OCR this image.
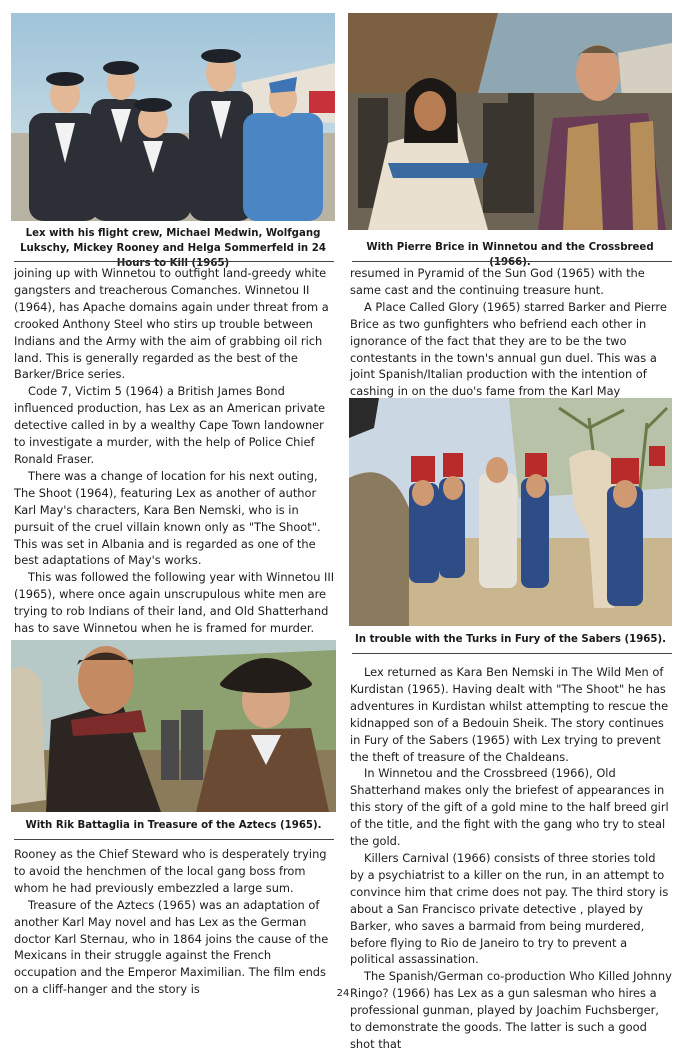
Lex with his flight crew, Michael Medwin, Wolfgang Lukschy, Mickey Rooney and Helga Sommerfeld in 24 Hours to Kill (1965)
With Pierre Brice in Winnetou and the Crossbreed (1966).

joining up with Winnetou to outfight land-greedy white gangsters and treacherous Comanches. Winnetou II (1964), has Apache domains again under threat from a crooked Anthony Steel who stirs up trouble between Indians and the Army with the aim of grabbing oil rich land. This is generally regarded as the best of the Barker/Brice series.

Code 7, Victim 5 (1964) a British James Bond influenced production, has Lex as an American private detective called in by a wealthy Cape Town landowner to investigate a murder, with the help of Police Chief Ronald Fraser.

There was a change of location for his next outing, The Shoot (1964), featuring Lex as another of author Karl May's characters, Kara Ben Nemski, who is in pursuit of the cruel villain known only as "The Shoot". This was set in Albania and is regarded as one of the best adaptations of May's works.

This was followed the following year with Winnetou III (1965), where once again unscrupulous white men are trying to rob Indians of their land, and Old Shatterhand has to save Winnetou when he is framed for murder.

resumed in Pyramid of the Sun God (1965) with the same cast and the continuing treasure hunt.

A Place Called Glory (1965) starred Barker and Pierre Brice as two gunfighters who befriend each other in ignorance of the fact that they are to be the two contestants in the town's annual gun duel. This was a joint Spanish/Italian production with the intention of cashing in on the duo's fame from the Karl May

In trouble with the Turks in Fury of the Sabers (1965).
With Rik Battaglia in Treasure of the Aztecs (1965).

Rooney as the Chief Steward who is desperately trying to avoid the henchmen of the local gang boss from whom he had previously embezzled a large sum.

Treasure of the Aztecs (1965) was an adaptation of another Karl May novel and has Lex as the German doctor Karl Sternau, who in 1864 joins the cause of the Mexicans in their struggle against the French occupation and the Emperor Maximilian. The film ends on a cliff-hanger and the story is

Lex returned as Kara Ben Nemski in The Wild Men of Kurdistan (1965). Having dealt with "The Shoot" he has adventures in Kurdistan whilst attempting to rescue the kidnapped son of a Bedouin Sheik. The story continues in Fury of the Sabers (1965) with Lex trying to prevent the theft of treasure of the Chaldeans.

In Winnetou and the Crossbreed (1966), Old Shatterhand makes only the briefest of appearances in this story of the gift of a gold mine to the half breed girl of the title, and the fight with the gang who try to steal the gold.

Killers Carnival (1966) consists of three stories told by a psychiatrist to a killer on the run, in an attempt to convince him that crime does not pay. The third story is about a San Francisco private detective , played by Barker, who saves a barmaid from being murdered, before flying to Rio de Janeiro to try to prevent a political assassination.

The Spanish/German co-production Who Killed Johnny Ringo? (1966) has Lex as a gun salesman who hires a professional gunman, played by Joachim Fuchsberger, to demonstrate the goods. The latter is such a good shot that

24
